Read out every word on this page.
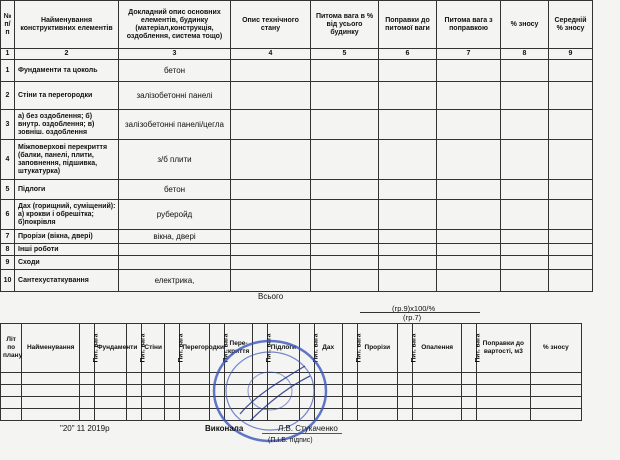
№ п/п	Найменування конструктивних елементів	Докладний опис основних елементів, будинку (матеріал,конструкція, оздоблення, система тощо)	Опис технічного стану	Питома вага в % від усього будинку	Поправки до питомої ваги	Питома вага з поправкою	% зносу	Середній % зносу
1	2	3	4	5	6	7	8	9
1	Фундаменти та цоколь	бетон						
2	Стіни та перегородки	залізобетонні панелі						
3	а) без оздоблення; б) внутр. оздоблення; в) зовніш. оздоблення	залізобетонні панелі/цегла						
4	Міжповерхові перекриття (балки, панелі, плити, заповнення, підшивка, штукатурка)	з/б плити						
5	Підлоги	бетон						
6	Дах (горищний, суміщений): а) крокви і обрешітка; б)покрівля	руберойд						
7	Прорізи (вікна, двері)	вікна, двері						
8	Інші роботи							
9	Сходи							
10	Сантехустаткування	електрика,						
Всього
(гр.9)х100/%
(гр.7)
Літ по плану	Найменування	Пит. вага	Фундаменти	Пит. вага	Стіни	Пит. вага	Перегородки	Пит. вага	Пере-криття	Пит. вага	Підлоги	Пит. вага	Дах	Пит. вага	Прорізи	Пит. вага	Опалення	Пит. вага	Поправки до вартості, м3	% зносу

"20" 11 2019р	Виконала	Л.В. Стукаченко
(П.І.Б. підпис)
